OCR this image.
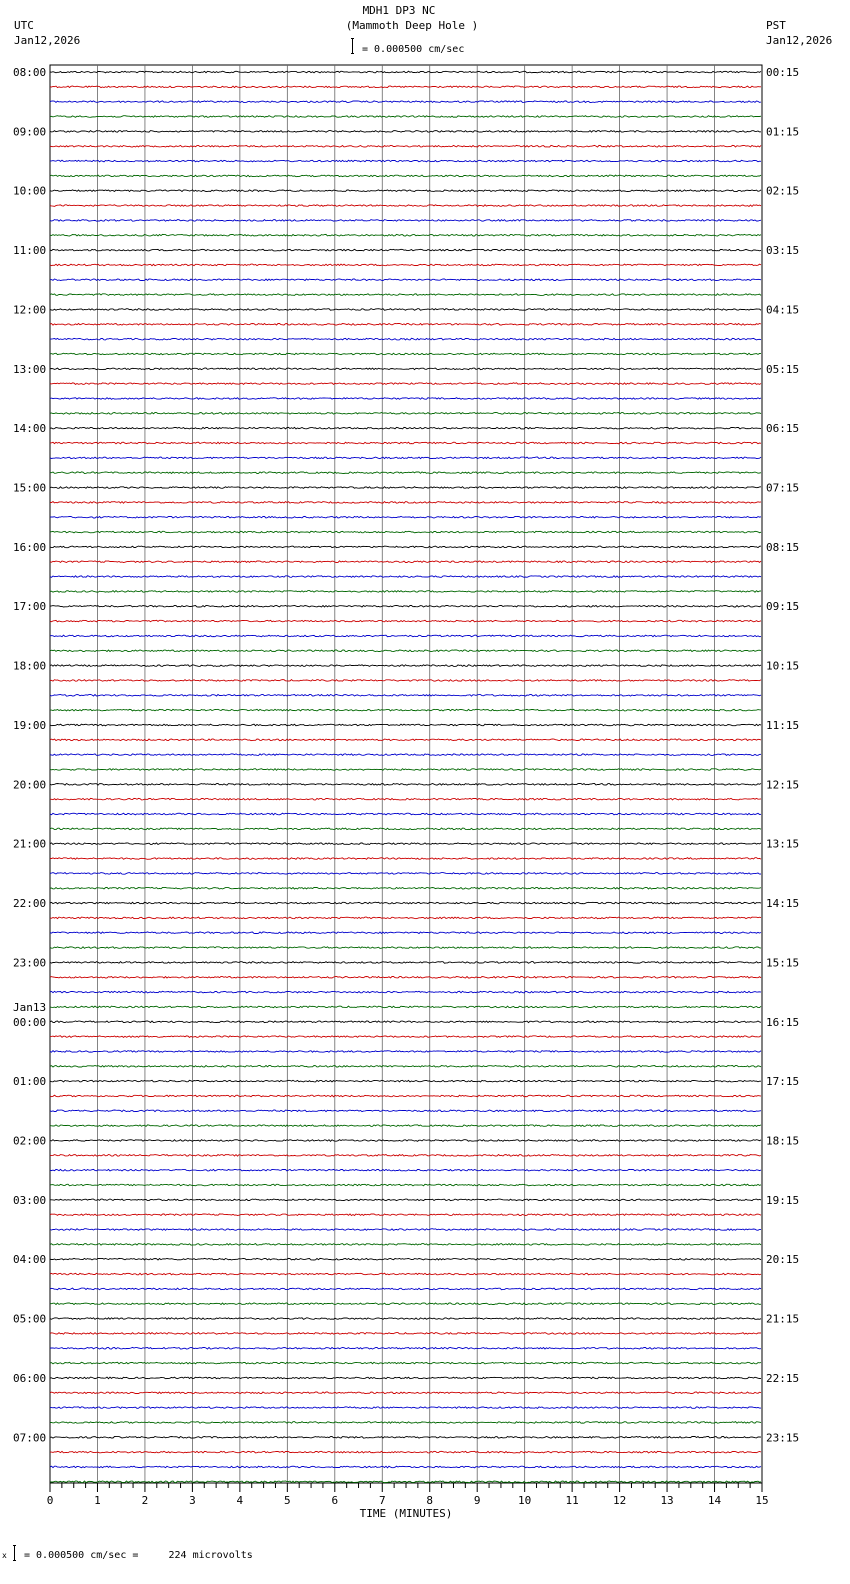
MDH1 DP3 NC
(Mammoth Deep Hole )
= 0.000500 cm/sec
UTC
Jan12,2026
PST
Jan12,2026
08:00	00:15
09:00	01:15
10:00	02:15
11:00	03:15
12:00	04:15
13:00	05:15
14:00	06:15
15:00	07:15
16:00	08:15
17:00	09:15
18:00	10:15
19:00	11:15
20:00	12:15
21:00	13:15
22:00	14:15
23:00	15:15
00:00	16:15
01:00	17:15
02:00	18:15
03:00	19:15
04:00	20:15
05:00	21:15
06:00	22:15
07:00	23:15
Jan13
0	1	2	3	4	5	6	7	8	9	10	11	12	13	14	15
TIME (MINUTES)
x = 0.000500 cm/sec =     224 microvolts
